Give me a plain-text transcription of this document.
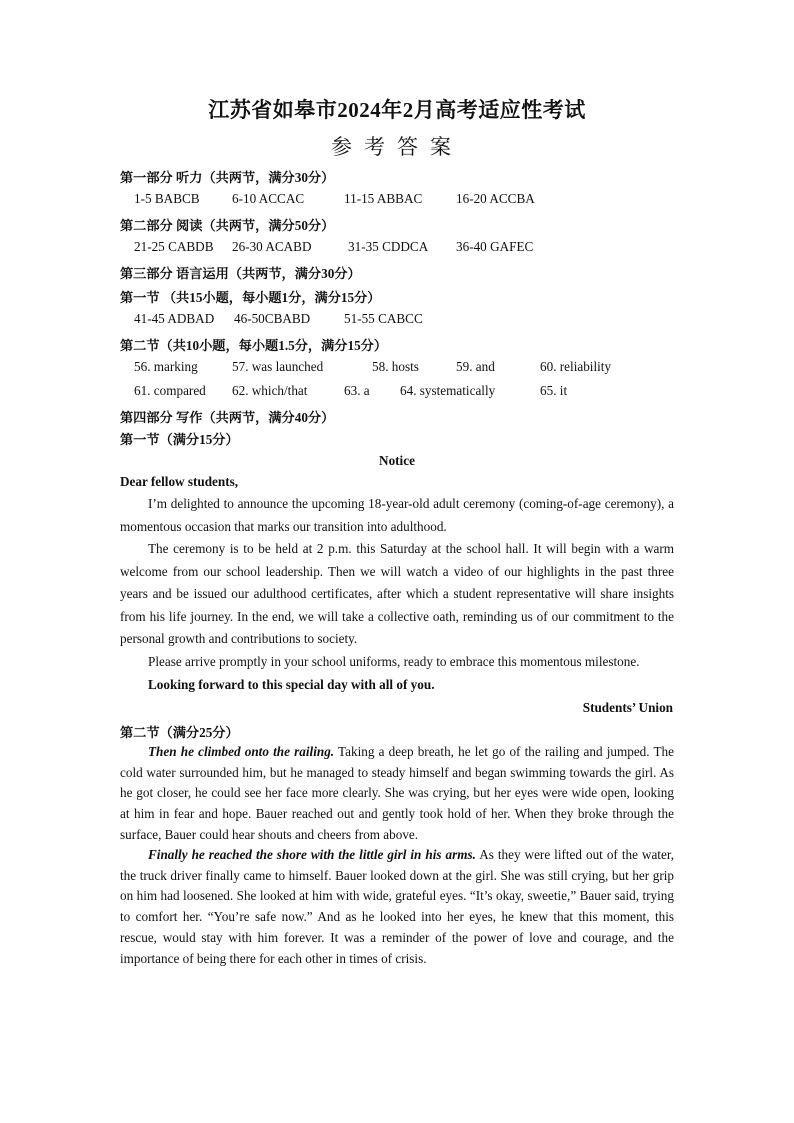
江苏省如皋市2024年2月高考适应性考试
参考答案
第一部分 听力（共两节，满分30分）
1-5 BABCB 6-10 ACCAC	11-15 ABBAC	16-20 ACCBA
第二部分 阅读（共两节，满分50分）
21-25 CABDB 26-30 ACABD	31-35 CDDCA 36-40 GAFEC
第三部分 语言运用（共两节，满分30分）
第一节 （共15小题，每小题1分，满分15分）
41-45 ADBAD 46-50CBABD	51-55 CABCC
第二节（共10小题，每小题1.5分，满分15分）
56. marking	57. was launched	58. hosts	59. and	60. reliability
61. compared 62. which/that	63. a 64. systematically	65. it
第四部分 写作（共两节，满分40分）
第一节（满分15分）
Notice
Dear fellow students,

I’m delighted to announce the upcoming 18-year-old adult ceremony (coming-of-age ceremony), a momentous occasion that marks our transition into adulthood.

The ceremony is to be held at 2 p.m. this Saturday at the school hall. It will begin with a warm welcome from our school leadership. Then we will watch a video of our highlights in the past three years and be issued our adulthood certificates, after which a student representative will share insights from his life journey. In the end, we will take a collective oath, reminding us of our commitment to the personal growth and contributions to society.

Please arrive promptly in your school uniforms, ready to embrace this momentous milestone.

Looking forward to this special day with all of you.

Students’ Union
第二节（满分25分）

Then he climbed onto the railing. Taking a deep breath, he let go of the railing and jumped. The cold water surrounded him, but he managed to steady himself and began swimming towards the girl. As he got closer, he could see her face more clearly. She was crying, but her eyes were wide open, looking at him in fear and hope. Bauer reached out and gently took hold of her. When they broke through the surface, Bauer could hear shouts and cheers from above.

Finally he reached the shore with the little girl in his arms. As they were lifted out of the water, the truck driver finally came to himself. Bauer looked down at the girl. She was still crying, but her grip on him had loosened. She looked at him with wide, grateful eyes. “It’s okay, sweetie,” Bauer said, trying to comfort her. “You’re safe now.” And as he looked into her eyes, he knew that this moment, this rescue, would stay with him forever. It was a reminder of the power of love and courage, and the importance of being there for each other in times of crisis.
